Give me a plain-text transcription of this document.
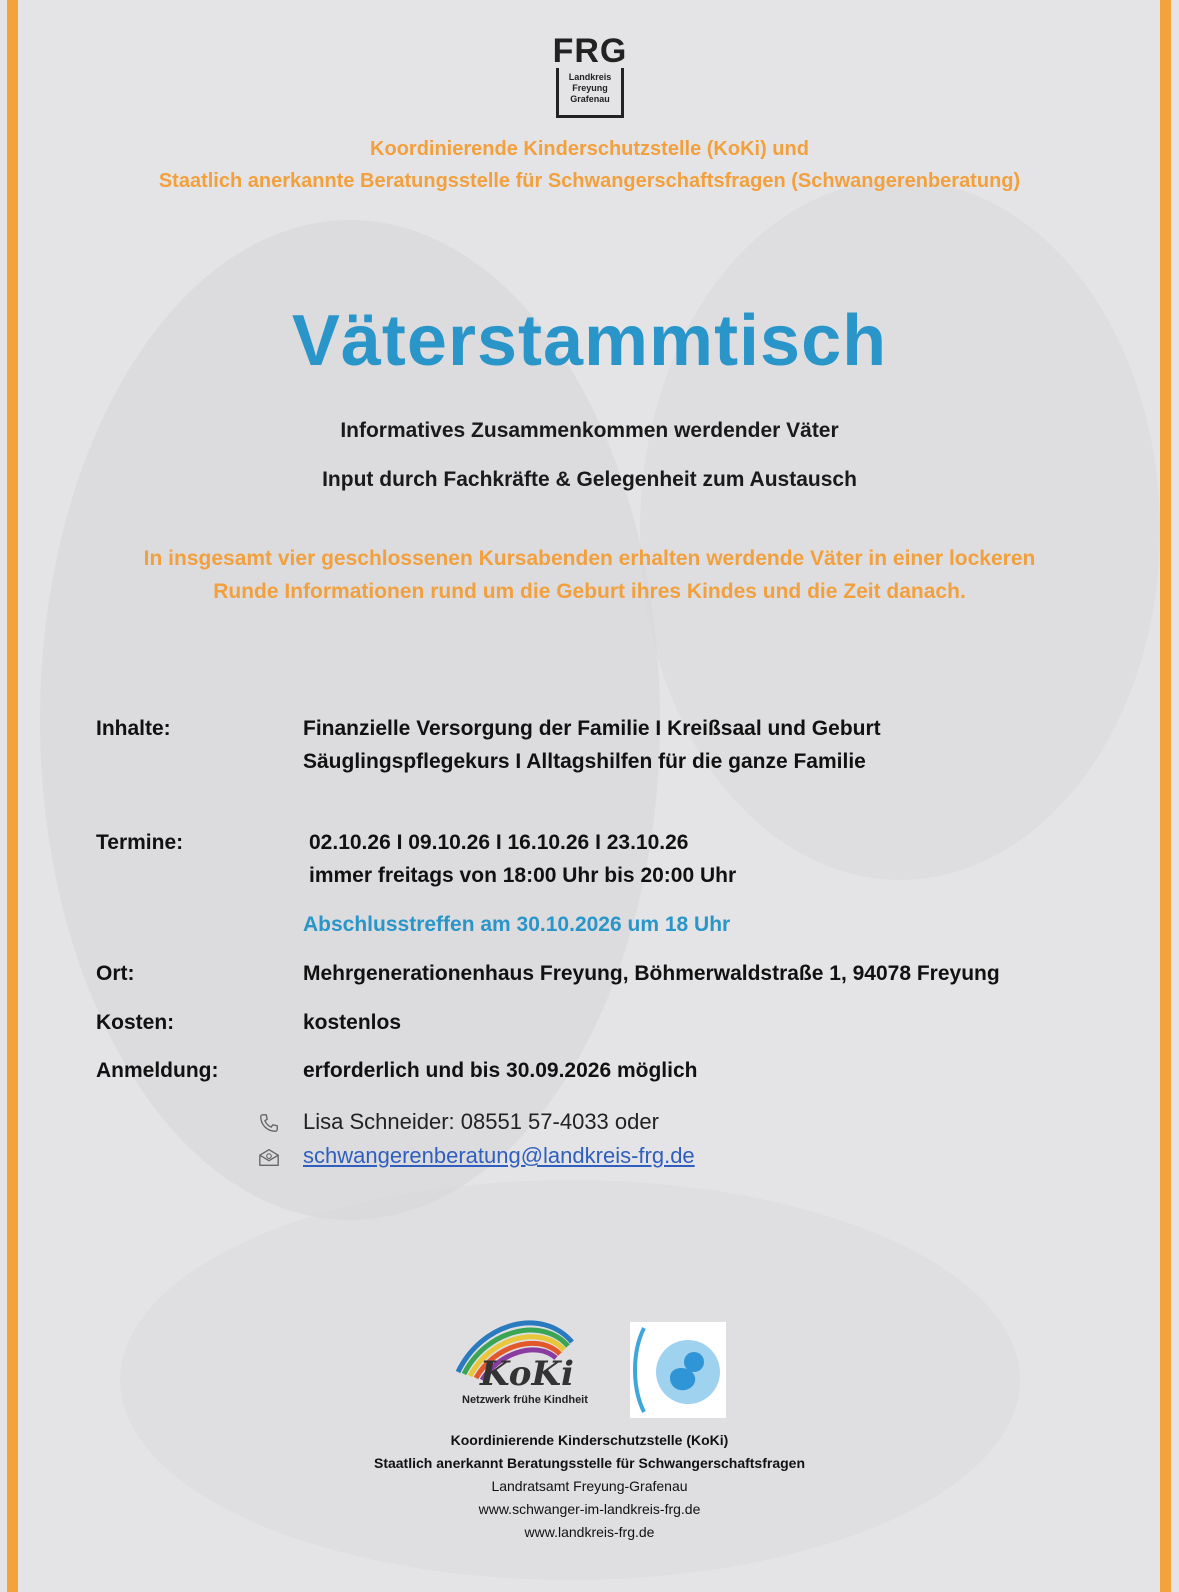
FRG
Landkreis
Freyung
Grafenau
Koordinierende Kinderschutzstelle (KoKi) und
Staatlich anerkannte Beratungsstelle für Schwangerschaftsfragen (Schwangerenberatung)
Väterstammtisch
Informatives Zusammenkommen werdender Väter
Input durch Fachkräfte & Gelegenheit zum Austausch
In insgesamt vier geschlossenen Kursabenden erhalten werdende Väter in einer lockeren
Runde Informationen rund um die Geburt ihres Kindes und die Zeit danach.
Inhalte:	Finanzielle Versorgung der Familie I Kreißsaal und Geburt
Säuglingspflegekurs I Alltagshilfen für die ganze Familie
Termine:	02.10.26 I 09.10.26 I 16.10.26 I 23.10.26
immer freitags von 18:00 Uhr bis 20:00 Uhr
Abschlusstreffen am 30.10.2026 um 18 Uhr
Ort:	Mehrgenerationenhaus Freyung, Böhmerwaldstraße 1, 94078 Freyung
Kosten:	kostenlos
Anmeldung:	erforderlich und bis 30.09.2026 möglich
Lisa Schneider: 08551 57-4033 oder
schwangerenberatung@landkreis-frg.de
KoKi
Netzwerk frühe Kindheit
Koordinierende Kinderschutzstelle (KoKi)
Staatlich anerkannt Beratungsstelle für Schwangerschaftsfragen
Landratsamt Freyung-Grafenau
www.schwanger-im-landkreis-frg.de
www.landkreis-frg.de
